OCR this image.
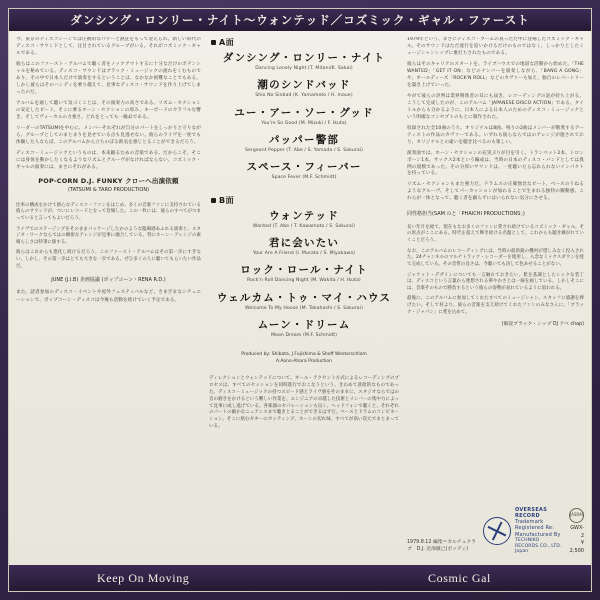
ダンシング・ロンリー・ナイト～ウォンテッド／コズミック・ギャル・ファースト

今、東京のディスコシーンでは圧倒的なパワーと熱狂をもって迎えられ、新しい時代のディスコ・サウンドとして、注目されているグループがいる。それがコズミック・ギャルである。

彼らはこのファースト・アルバムで聴く者をノックアウトするに十分なだけのポテンシャルを秘めている。ディスコ・サウンドはブラック・ミュージックの流れをくむものであり、その中で日本人だけで演奏をするということは、なかなか困難なことでもある。しかし彼らはそのハンディを乗り越えて、見事なディスコ・サウンドを作り上げてしまったのだ。

アルバムを通して聴いて気づくことは、その演奏力の高さである。リズム・セクションの安定したビート、そこに乗るホーン・セクションの厚み、キーボードのカラフルな響き、そしてヴォーカルの力強さ。どれをとっても一級品である。

リーダーのTATSUMIを中心に、メンバーそれぞれが自分のパートをしっかりと守りながら、グループとしてのまとまりを見せている点も見逃せない。彼らのライヴを一度でも体験した人ならば、このアルバムから立ちのぼる熱気を感じとることができるだろう。

ディスコ・ミュージックというものは、本来踊るための音楽である。だからこそ、そこには身体を動かしたくなるようなリズムとグルーヴがなければならない。コズミック・ギャルの演奏には、まさにそれがある。

POP-CORN D.J. FUNKY クローへ出演依頼
(TATSUMI & TARO PRODUCTION)

比率の構成をかけて熱心なディスコ・ファンをはじめ、多くの音楽ファンに支持されている彼らのサウンドが、ついにレコードとなって登場した。この一枚には、彼らのすべてがつまっていると言ってもよいだろう。

ライヴでのステージングをそのままパッケージしたかのような臨場感あふれる演奏と、スタジオ・ワークならではの緻密なアレンジが見事に融合している。特にホーン・アレンジの素晴らしさは特筆に値する。

彼らはこれからも進化し続けるだろう。このファースト・アルバムはその第一歩にすぎない。しかし、その第一歩はとても大きな一歩である。ぜひ多くの人に聴いてもらいたい作品だ。

JUNE (J.I.B) 企画協議 (ポップコーン・RENA R.D.)
また、読者参加のディスコ・イベントや屋外フェスティバルなど、さまざまなシチュエーションで、ポップコーン・ディスコは今後も活動を続けていく予定である。
A面
ダンシング・ロンリー・ナイト
Dancing Lonely Night (T. Mitani/K. Sakai)
潮のシンドバッド
Shio No Sinbad (K. Yamamoto / H. Inoue)
ユー・アー・ソー・グッド
You're So Good (M. Mizuki / F. Ikuta)
パッパー警部
Sergeant Pepper (T. Abe / S. Yamada / S. Sakurai)
スペース・フィーバー
Space Fever (M.F. Schmidt)
B面
ウォンテッド
Wanted (T. Abe / T. Kawamoto / S. Sakurai)
君に会いたい
Your Are A Friend (I. Murata / S. Miyakawa)
ロック・ロール・ナイト
Rock'n Roll Dancing Night (M. Wakita / H. Ikuta)
ウェルカム・トゥ・マイ・ハウス
Welcome To My House (M. Takahashi / S. Sakurai)
ムーン・ドリーム
Moon Dream (M.F. Schmidt)
Produced by: Shibata, J.Fujishima & Shoff Westerschlom
A.Aono-Ahara Production
ディレクションとウォンテッドについて、オール・アクセント方式によるレコーディングのプロセスは、すべてのセッションを同時進行でおこなうという、きわめて意欲的なものであった。ディスコ・ミュージックの持つスピード感とライヴ感をそのままに、スタジオならではの音の磨きをかけるという難しい作業を、エンジニアの卓越した技術とメンバーの集中力によって見事に成し遂げている。各楽器のセパレーションも良く、ヘッドフォンで聴くと、それぞれのパートの細かなニュアンスまで聴きとることができるはずだ。ベースとドラムのコンビネーション、そこに絡むギターのカッティング、ホーンの切れ味、すべてが高い次元でまとまっている。

1979年という、まさにディスコ・ブームの真っただ中に登場したコズミック・ギャル。そのサウンドはただ流行を追いかけるだけのものではなく、しっかりとしたミュージシャンシップに裏打ちされたものである。

彼らはそのキャリアのスタートを、ライブハウスでの地道な活動から始めた。「THE WANTED」「GET IT ON」などのナンバーを演奏しながら、「BANG A GONG」や、オールディーズ「ROCK'N ROLL」などのカヴァーも加え、独自のレパートリーを築き上げていった。

やがて彼らの評判は業界関係者の耳にも届き、レコーディングの話が持ち上がる。こうして完成したのが、このアルバム「JAPANESE DISCO ACTION」である。タイトルからも分かるように、日本人による日本人のためのディスコ・ミュージックという明確なコンセプトのもとに制作された。

収録された全10曲のうち、オリジナルは8曲。残りの2曲はメンバーが敬愛するアーティストの作品のカヴァーである。いずれも彼らならではのアレンジが施されており、オリジナルとの違いを聴き比べるのも楽しい。

演奏面では、ホーン・セクションの充実ぶりが目を引く。トランペット2本、トロンボーン1本、サックス2本という編成は、当時の日本のディスコ・バンドとしては異例の規模であった。その分厚いサウンドは、一度聴いたら忘れられないインパクトを持っている。

リズム・セクションもまた強力だ。ドラムスの正確無比なビート、ベースのうねるようなグルーヴ、そしてパーカッションが加わることで生まれる独特の躍動感。これらが一体となって、聴く者を踊らずにはいられない気分にさせる。

同性格担当(SAM のと「PHAICHI PRODUCTIONS」)

長い年月を経て、現在もなお多くのファンに愛され続けているコズミック・ギャル。その原点がここにある。時代を超えて輝き続ける名盤として、これからも聴き継がれていくことだろう。

なお、このアルバムのレコーディングには、当時の最新鋭の機材が惜しみなく投入された。24チャンネルのマルチトラック・レコーダーを使用し、入念なミックスダウンを経て完成している。その音質の良さは、今聴いても決して色あせることがない。

ジャケット・デザインについても一言触れておきたい。紫を基調としたシックな装丁は、ディスコという言葉から連想される華やかさとは一線を画している。しかしそこには、音楽そのもので勝負するという彼らの姿勢が表れているように思われる。

最後に、このアルバムに参加してくれたすべてのミュージシャン、スタッフに感謝を捧げたい。そして何より、彼らの音楽を支え続けてくれたファンのみなさんに。「ブラック・ジャパン」に愛を込めて。

(解説ブラック・シップ DJ アベ chap)
1979.8.12 編集＝カルチュクラブ　D.J. 近澤徹己(ボッディ)
OVERSEAS RECORD
Trademark Registered Re: Manufactured By
TECHNIKO RECORDS CO., LTD. Japan
JASRAC
GWX-2
¥ 2,500
Keep On Moving	Cosmic Gal
